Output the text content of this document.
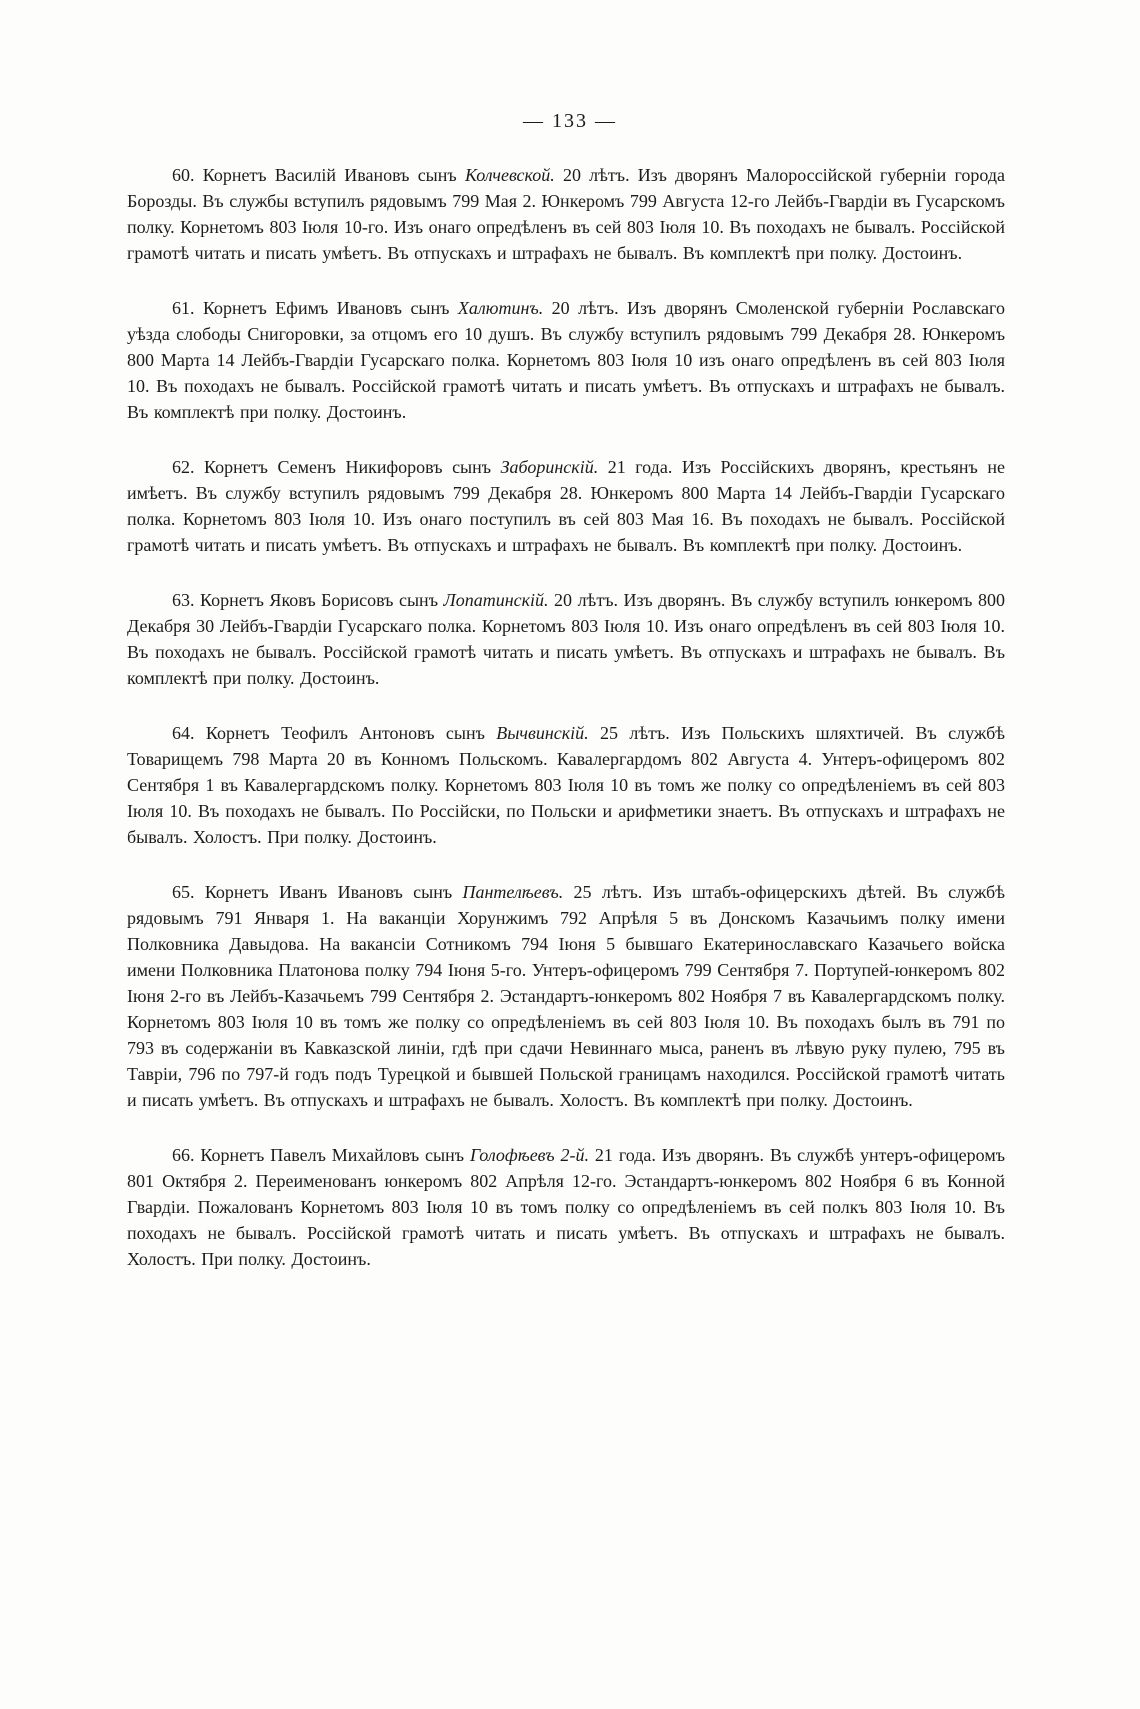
— 133 —

60. Корнетъ Василій Ивановъ сынъ Колчевской. 20 лѣтъ. Изъ дворянъ Малороссійской губерніи города Борозды. Въ службы вступилъ рядовымъ 799 Мая 2. Юнкеромъ 799 Августа 12-го Лейбъ-Гвардіи въ Гусарскомъ полку. Корнетомъ 803 Іюля 10-го. Изъ онаго опредѣленъ въ сей 803 Іюля 10. Въ походахъ не бывалъ. Россійской грамотѣ читать и писать умѣетъ. Въ отпускахъ и штрафахъ не бывалъ. Въ комплектѣ при полку. Достоинъ.

61. Корнетъ Ефимъ Ивановъ сынъ Халютинъ. 20 лѣтъ. Изъ дворянъ Смоленской губерніи Рославскаго уѣзда слободы Снигоровки, за отцомъ его 10 душъ. Въ службу вступилъ рядовымъ 799 Декабря 28. Юнкеромъ 800 Марта 14 Лейбъ-Гвардіи Гусарскаго полка. Корнетомъ 803 Іюля 10 изъ онаго опредѣленъ въ сей 803 Іюля 10. Въ походахъ не бывалъ. Россійской грамотѣ читать и писать умѣетъ. Въ отпускахъ и штрафахъ не бывалъ. Въ комплектѣ при полку. Достоинъ.

62. Корнетъ Семенъ Никифоровъ сынъ Заборинскій. 21 года. Изъ Россійскихъ дворянъ, крестьянъ не имѣетъ. Въ службу вступилъ рядовымъ 799 Декабря 28. Юнкеромъ 800 Марта 14 Лейбъ-Гвардіи Гусарскаго полка. Корнетомъ 803 Іюля 10. Изъ онаго поступилъ въ сей 803 Мая 16. Въ походахъ не бывалъ. Россійской грамотѣ читать и писать умѣетъ. Въ отпускахъ и штрафахъ не бывалъ. Въ комплектѣ при полку. Достоинъ.

63. Корнетъ Яковъ Борисовъ сынъ Лопатинскій. 20 лѣтъ. Изъ дворянъ. Въ службу вступилъ юнкеромъ 800 Декабря 30 Лейбъ-Гвардіи Гусарскаго полка. Корнетомъ 803 Іюля 10. Изъ онаго опредѣленъ въ сей 803 Іюля 10. Въ походахъ не бывалъ. Россійской грамотѣ читать и писать умѣетъ. Въ отпускахъ и штрафахъ не бывалъ. Въ комплектѣ при полку. Достоинъ.

64. Корнетъ Теофилъ Антоновъ сынъ Вычвинскій. 25 лѣтъ. Изъ Польскихъ шляхтичей. Въ службѣ Товарищемъ 798 Марта 20 въ Конномъ Польскомъ. Кавалергардомъ 802 Августа 4. Унтеръ-офицеромъ 802 Сентября 1 въ Кавалергардскомъ полку. Корнетомъ 803 Іюля 10 въ томъ же полку со опредѣленіемъ въ сей 803 Іюля 10. Въ походахъ не бывалъ. По Россійски, по Польски и арифметики знаетъ. Въ отпускахъ и штрафахъ не бывалъ. Холостъ. При полку. Достоинъ.

65. Корнетъ Иванъ Ивановъ сынъ Пантелѣевъ. 25 лѣтъ. Изъ штабъ-офицерскихъ дѣтей. Въ службѣ рядовымъ 791 Января 1. На ваканціи Хорунжимъ 792 Апрѣля 5 въ Донскомъ Казачьимъ полку имени Полковника Давыдова. На вакансіи Сотникомъ 794 Іюня 5 бывшаго Екатеринославскаго Казачьего войска имени Полковника Платонова полку 794 Іюня 5-го. Унтеръ-офицеромъ 799 Сентября 7. Портупей-юнкеромъ 802 Іюня 2-го въ Лейбъ-Казачьемъ 799 Сентября 2. Эстандартъ-юнкеромъ 802 Ноября 7 въ Кавалергардскомъ полку. Корнетомъ 803 Іюля 10 въ томъ же полку со опредѣленіемъ въ сей 803 Іюля 10. Въ походахъ былъ въ 791 по 793 въ содержаніи въ Кавказской линіи, гдѣ при сдачи Невиннаго мыса, раненъ въ лѣвую руку пулею, 795 въ Тавріи, 796 по 797-й годъ подъ Турецкой и бывшей Польской границамъ находился. Россійской грамотѣ читать и писать умѣетъ. Въ отпускахъ и штрафахъ не бывалъ. Холостъ. Въ комплектѣ при полку. Достоинъ.

66. Корнетъ Павелъ Михайловъ сынъ Голофѣевъ 2-й. 21 года. Изъ дворянъ. Въ службѣ унтеръ-офицеромъ 801 Октября 2. Переименованъ юнкеромъ 802 Апрѣля 12-го. Эстандартъ-юнкеромъ 802 Ноября 6 въ Конной Гвардіи. Пожалованъ Корнетомъ 803 Іюля 10 въ томъ полку со опредѣленіемъ въ сей полкъ 803 Іюля 10. Въ походахъ не бывалъ. Россійской грамотѣ читать и писать умѣетъ. Въ отпускахъ и штрафахъ не бывалъ. Холостъ. При полку. Достоинъ.
